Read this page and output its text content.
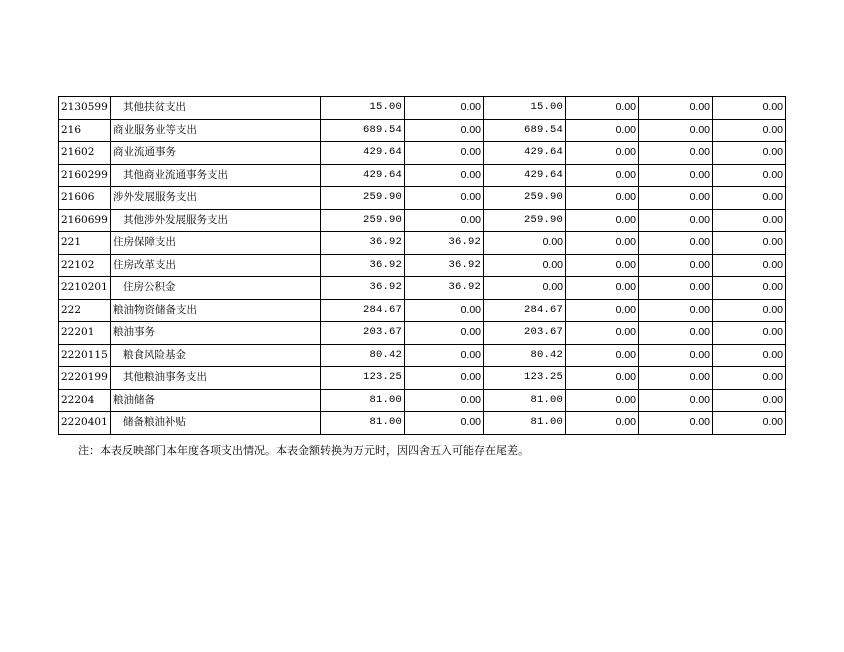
2130599	其他扶贫支出	15.00	0.00	15.00	0.00	0.00	0.00
216	商业服务业等支出	689.54	0.00	689.54	0.00	0.00	0.00
21602	商业流通事务	429.64	0.00	429.64	0.00	0.00	0.00
2160299	其他商业流通事务支出	429.64	0.00	429.64	0.00	0.00	0.00
21606	涉外发展服务支出	259.90	0.00	259.90	0.00	0.00	0.00
2160699	其他涉外发展服务支出	259.90	0.00	259.90	0.00	0.00	0.00
221	住房保障支出	36.92	36.92	0.00	0.00	0.00	0.00
22102	住房改革支出	36.92	36.92	0.00	0.00	0.00	0.00
2210201	住房公积金	36.92	36.92	0.00	0.00	0.00	0.00
222	粮油物资储备支出	284.67	0.00	284.67	0.00	0.00	0.00
22201	粮油事务	203.67	0.00	203.67	0.00	0.00	0.00
2220115	粮食风险基金	80.42	0.00	80.42	0.00	0.00	0.00
2220199	其他粮油事务支出	123.25	0.00	123.25	0.00	0.00	0.00
22204	粮油储备	81.00	0.00	81.00	0.00	0.00	0.00
2220401	储备粮油补贴	81.00	0.00	81.00	0.00	0.00	0.00
注：本表反映部门本年度各项支出情况。本表金额转换为万元时，因四舍五入可能存在尾差。
